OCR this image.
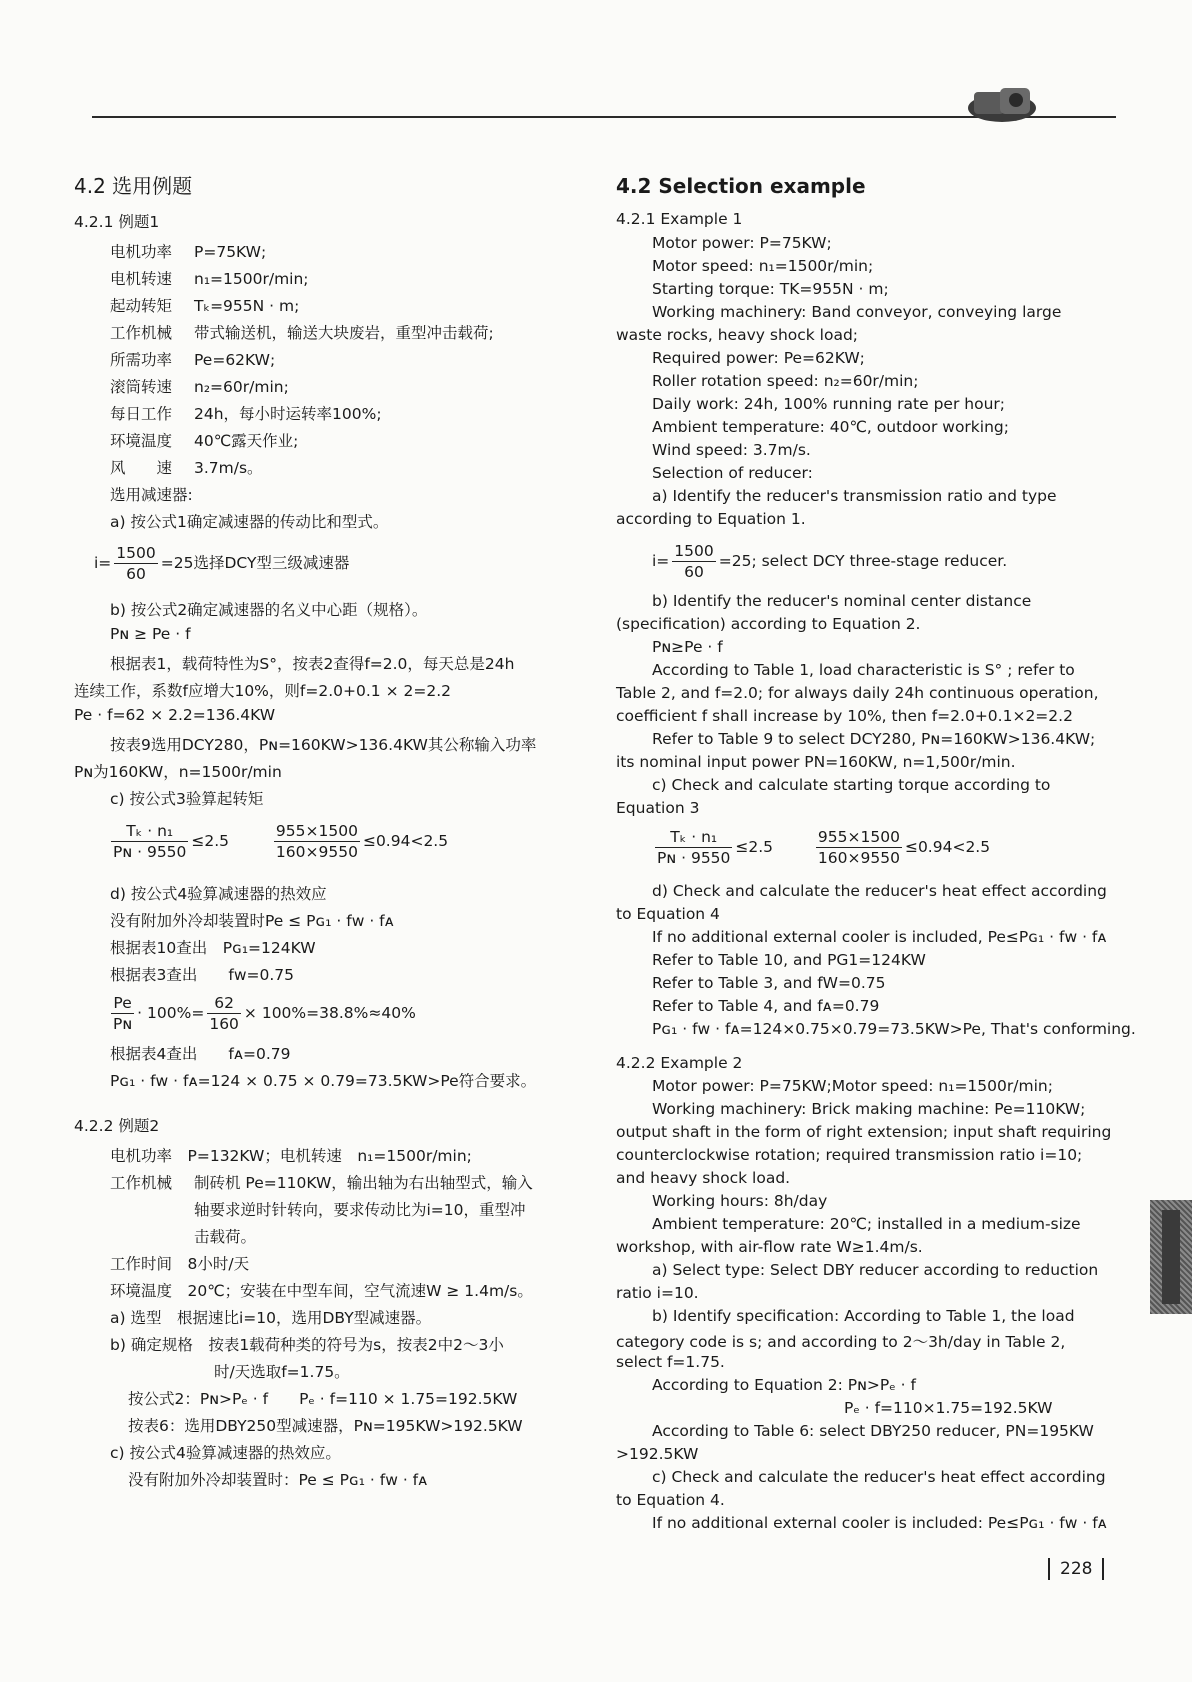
228
4.2 选用例题
4.2.1 例题1
电机功率 P=75KW;
电机转速 n₁=1500r/min;
起动转矩 Tₖ=955N · m;
工作机械 带式输送机，输送大块废岩，重型冲击载荷;
所需功率 Pe=62KW;
滚筒转速 n₂=60r/min;
每日工作 24h，每小时运转率100%;
环境温度 40℃露天作业;
风　　速 3.7m/s。
选用减速器:
a) 按公式1确定减速器的传动比和型式。
$i= \frac{1500}{60} =25$选择DCY型三级减速器
b) 按公式2确定减速器的名义中心距（规格）。
Pɴ ≥ Pe · f
根据表1，载荷特性为S°，按表2查得f=2.0，每天总是24h
连续工作，系数f应增大10%，则f=2.0+0.1 × 2=2.2
Pe · f=62 × 2.2=136.4KW
按表9选用DCY280，Pɴ=160KW>136.4KW其公称输入功率
Pɴ为160KW，n=1500r/min
c) 按公式3验算起转矩
$\frac{\text{Tₖ · n₁}}{\text{Pɴ · 9550}} \le 2.5$	$\frac{955\times 1500}{160\times 9550} \le 0.94<2.5$
d) 按公式4验算减速器的热效应
没有附加外冷却装置时Pe ≤ Pɢ₁ · fᴡ · fᴀ
根据表10查出　Pɢ₁=124KW
根据表3查出　　fᴡ=0.75
$\frac{Pe}{\text{Pɴ}} \cdot 100\%= \frac{62}{160} \times 100\%=38.8\%\approx 40\%$
根据表4查出　　fᴀ=0.79
Pɢ₁ · fᴡ · fᴀ=124 × 0.75 × 0.79=73.5KW>Pe符合要求。
4.2.2 例题2
电机功率　P=132KW；电机转速　n₁=1500r/min;
工作机械 制砖机 Pe=110KW，输出轴为右出轴型式，输入
轴要求逆时针转向，要求传动比为i=10，重型冲
击载荷。
工作时间　8小时/天
环境温度　20℃；安装在中型车间，空气流速W ≥ 1.4m/s。
a) 选型　根据速比i=10，选用DBY型减速器。
b) 确定规格　按表1载荷种类的符号为s，按表2中2～3小
时/天选取f=1.75。
按公式2：Pɴ>Pₑ · f　　Pₑ · f=110 × 1.75=192.5KW
按表6：选用DBY250型减速器，Pɴ=195KW>192.5KW
c) 按公式4验算减速器的热效应。
没有附加外冷却装置时：Pe ≤ Pɢ₁ · fᴡ · fᴀ
4.2 Selection example
4.2.1 Example 1
Motor power: P=75KW;
Motor speed: n₁=1500r/min;
Starting torque: TK=955N · m;
Working machinery: Band conveyor, conveying large
waste rocks, heavy shock load;
Required power: Pe=62KW;
Roller rotation speed: n₂=60r/min;
Daily work: 24h, 100% running rate per hour;
Ambient temperature: 40℃, outdoor working;
Wind speed: 3.7m/s.
Selection of reducer:
a) Identify the reducer's transmission ratio and type
according to Equation 1.
$i= \frac{1500}{60} =25$; select DCY three-stage reducer.
b) Identify the reducer's nominal center distance
(specification) according to Equation 2.
Pɴ≥Pe · f
According to Table 1, load characteristic is S° ; refer to
Table 2, and f=2.0; for always daily 24h continuous operation,
coefficient f shall increase by 10%, then f=2.0+0.1×2=2.2
Refer to Table 9 to select DCY280, Pɴ=160KW>136.4KW;
its nominal input power PN=160KW, n=1,500r/min.
c) Check and calculate starting torque according to
Equation 3
$\frac{\text{Tₖ · n₁}}{\text{Pɴ · 9550}} \le 2.5$	$\frac{955\times 1500}{160\times 9550} \le 0.94<2.5$
d) Check and calculate the reducer's heat effect according
to Equation 4
If no additional external cooler is included, Pe≤Pɢ₁ · fᴡ · fᴀ
Refer to Table 10, and PG1=124KW
Refer to Table 3, and fW=0.75
Refer to Table 4, and fᴀ=0.79
Pɢ₁ · fᴡ · fᴀ=124×0.75×0.79=73.5KW>Pe, That's conforming.
4.2.2 Example 2
Motor power: P=75KW;Motor speed: n₁=1500r/min;
Working machinery: Brick making machine: Pe=110KW;
output shaft in the form of right extension; input shaft requiring
counterclockwise rotation; required transmission ratio i=10;
and heavy shock load.
Working hours: 8h/day
Ambient temperature: 20℃; installed in a medium-size
workshop, with air-flow rate W≥1.4m/s.
a) Select type: Select DBY reducer according to reduction
ratio i=10.
b) Identify specification: According to Table 1, the load
category code is s; and according to 2～3h/day in Table 2,
select f=1.75.
According to Equation 2: Pɴ>Pₑ · f
Pₑ · f=110×1.75=192.5KW
According to Table 6: select DBY250 reducer, PN=195KW
>192.5KW
c) Check and calculate the reducer's heat effect according
to Equation 4.
If no additional external cooler is included: Pe≤Pɢ₁ · fᴡ · fᴀ
